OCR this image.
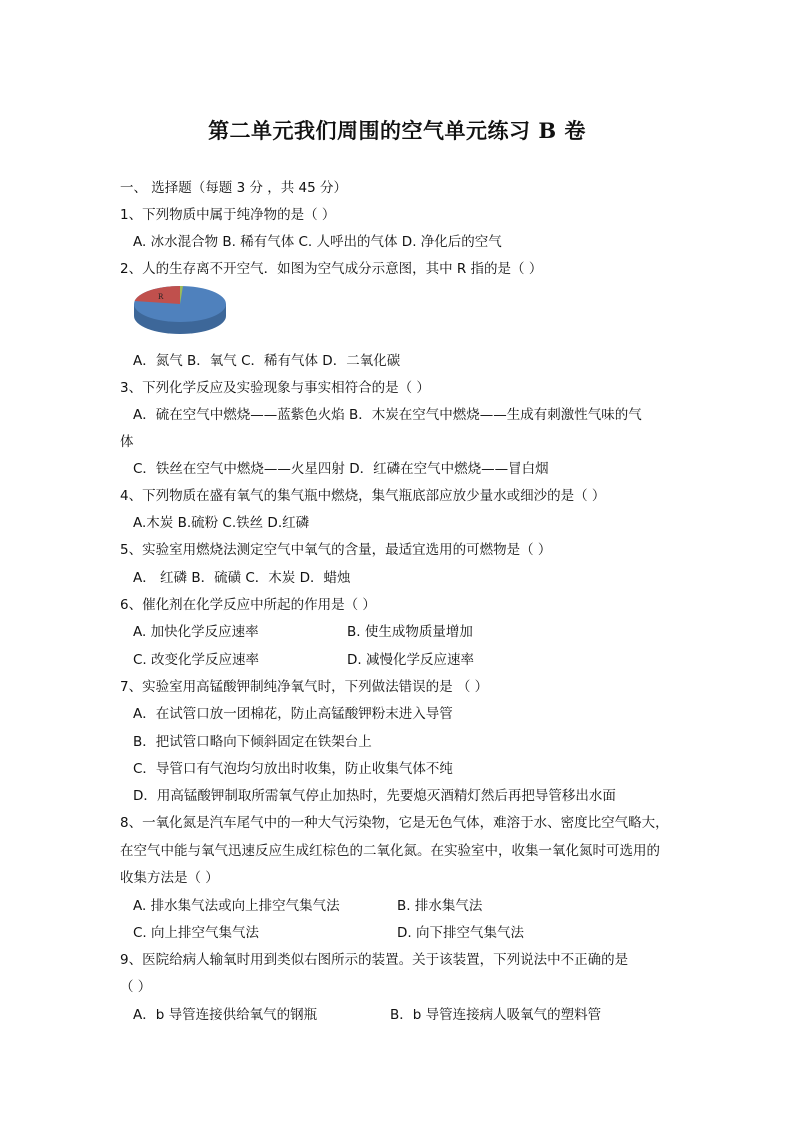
第二单元我们周围的空气单元练习 B 卷
一、 选择题（每题 3 分 ，共 45 分）
1、下列物质中属于纯净物的是（ ）
A. 冰水混合物 B. 稀有气体 C. 人呼出的气体 D. 净化后的空气
2、人的生存离不开空气．如图为空气成分示意图，其中 R 指的是（ ）
R
A．氮气 B．氧气 C．稀有气体 D．二氧化碳
3、下列化学反应及实验现象与事实相符合的是（ ）
A．硫在空气中燃烧——蓝紫色火焰 B．木炭在空气中燃烧——生成有刺激性气味的气
体
C．铁丝在空气中燃烧——火星四射 D．红磷在空气中燃烧——冒白烟
4、下列物质在盛有氧气的集气瓶中燃烧，集气瓶底部应放少量水或细沙的是（ ）
A.木炭 B.硫粉 C.铁丝 D.红磷
5、实验室用燃烧法测定空气中氧气的含量，最适宜选用的可燃物是（ ）
A． 红磷 B．硫磺 C．木炭 D．蜡烛
6、催化剂在化学反应中所起的作用是（ ）
A. 加快化学反应速率	B. 使生成物质量增加
C. 改变化学反应速率	D. 减慢化学反应速率
7、实验室用高锰酸钾制纯净氧气时，下列做法错误的是 （ ）
A．在试管口放一团棉花，防止高锰酸钾粉末进入导管
B．把试管口略向下倾斜固定在铁架台上
C．导管口有气泡均匀放出时收集，防止收集气体不纯
D．用高锰酸钾制取所需氧气停止加热时，先要熄灭酒精灯然后再把导管移出水面
8、一氧化氮是汽车尾气中的一种大气污染物，它是无色气体，难溶于水、密度比空气略大，
在空气中能与氧气迅速反应生成红棕色的二氧化氮。在实验室中，收集一氧化氮时可选用的
收集方法是（ ）
A. 排水集气法或向上排空气集气法	B. 排水集气法
C. 向上排空气集气法	D. 向下排空气集气法
9、医院给病人输氧时用到类似右图所示的装置。关于该装置，下列说法中不正确的是
（ ）
A．b 导管连接供给氧气的钢瓶	B．b 导管连接病人吸氧气的塑料管
